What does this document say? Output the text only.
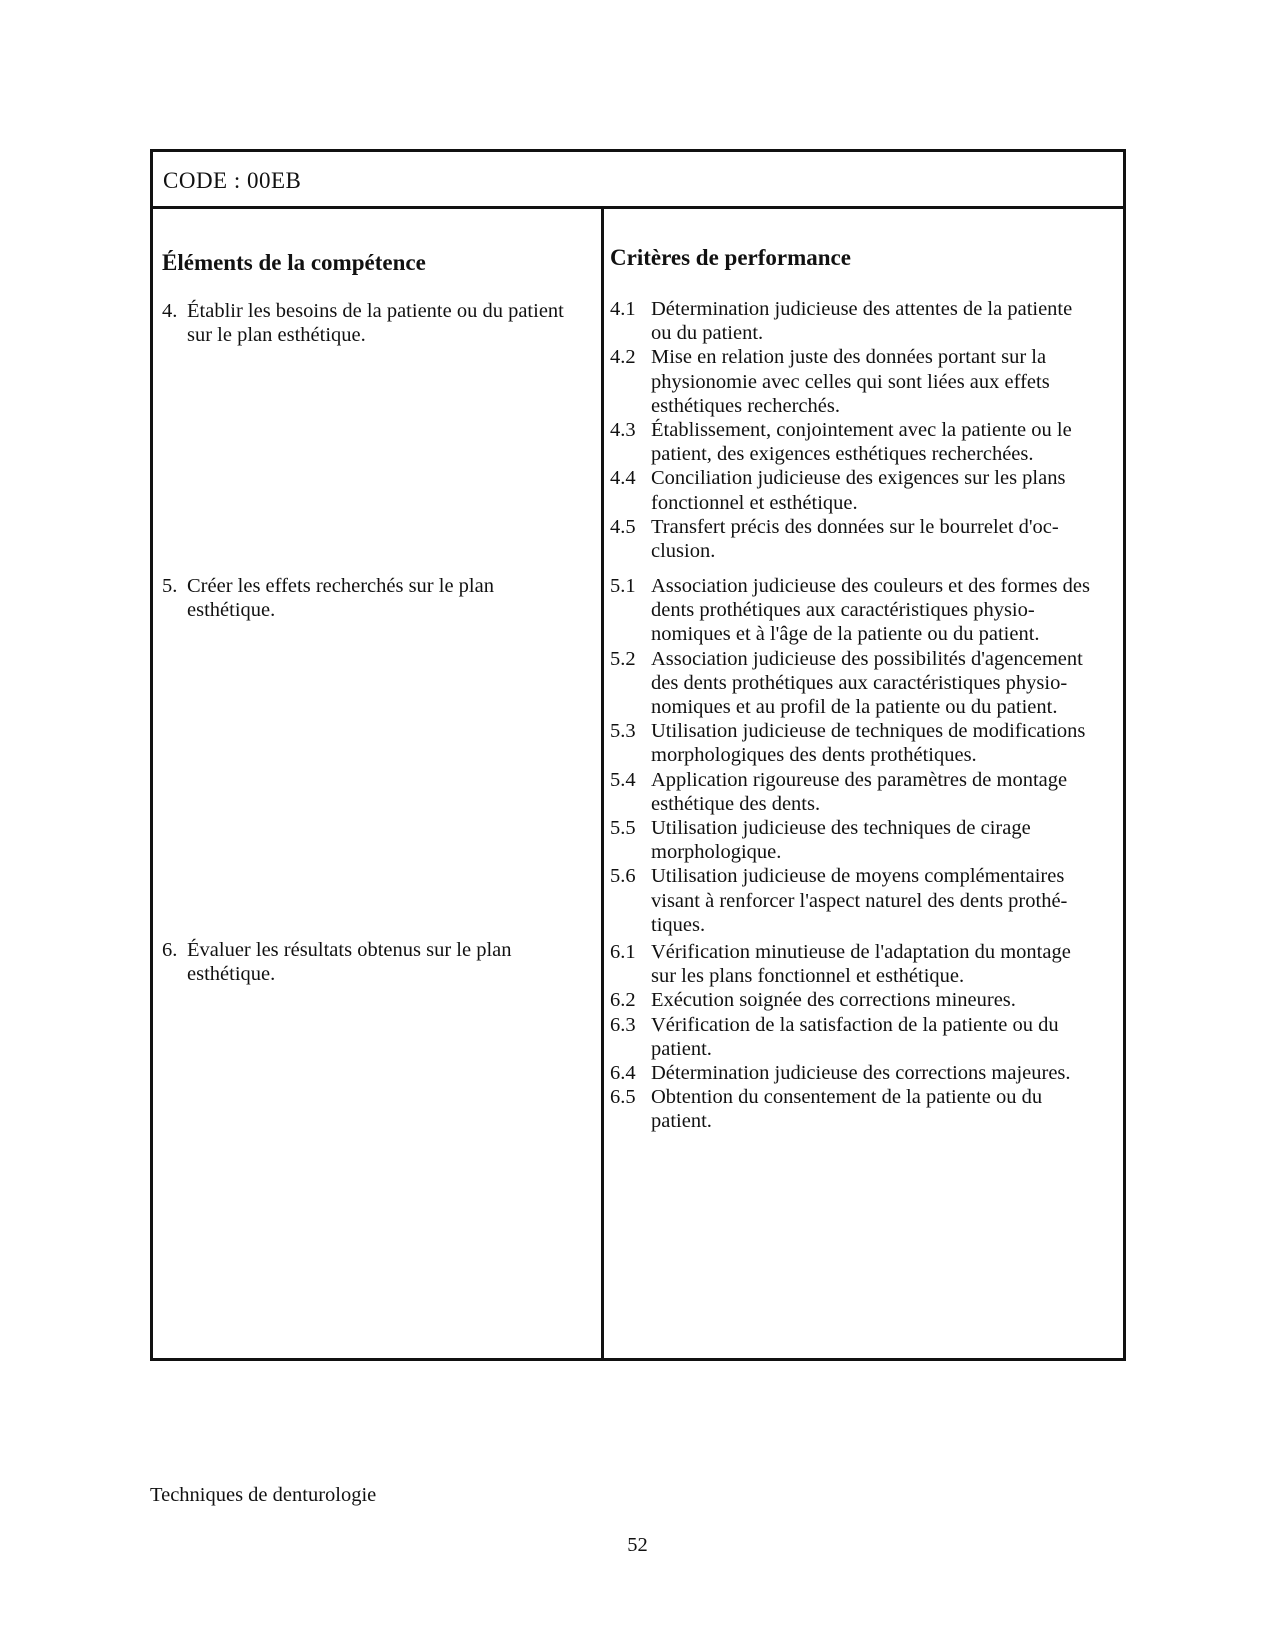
CODE : 00EB
Éléments de la compétence
4. Établir les besoins de la patiente ou du patient sur le plan esthétique.
5. Créer les effets recherchés sur le plan esthétique.
6. Évaluer les résultats obtenus sur le plan esthétique.
Critères de performance
4.1 Détermination judicieuse des attentes de la patiente ou du patient.
4.2 Mise en relation juste des données portant sur la physionomie avec celles qui sont liées aux effets esthétiques recherchés.
4.3 Établissement, conjointement avec la patiente ou le patient, des exigences esthétiques recherchées.
4.4 Conciliation judicieuse des exigences sur les plans fonctionnel et esthétique.
4.5 Transfert précis des données sur le bourrelet d'oc- clusion.
5.1 Association judicieuse des couleurs et des formes des dents prothétiques aux caractéristiques physio- nomiques et à l'âge de la patiente ou du patient.
5.2 Association judicieuse des possibilités d'agencement des dents prothétiques aux caractéristiques physio- nomiques et au profil de la patiente ou du patient.
5.3 Utilisation judicieuse de techniques de modifications morphologiques des dents prothétiques.
5.4 Application rigoureuse des paramètres de montage esthétique des dents.
5.5 Utilisation judicieuse des techniques de cirage morphologique.
5.6 Utilisation judicieuse de moyens complémentaires visant à renforcer l'aspect naturel des dents prothé- tiques.
6.1 Vérification minutieuse de l'adaptation du montage sur les plans fonctionnel et esthétique.
6.2 Exécution soignée des corrections mineures.
6.3 Vérification de la satisfaction de la patiente ou du patient.
6.4 Détermination judicieuse des corrections majeures.
6.5 Obtention du consentement de la patiente ou du patient.
Techniques de denturologie
52
